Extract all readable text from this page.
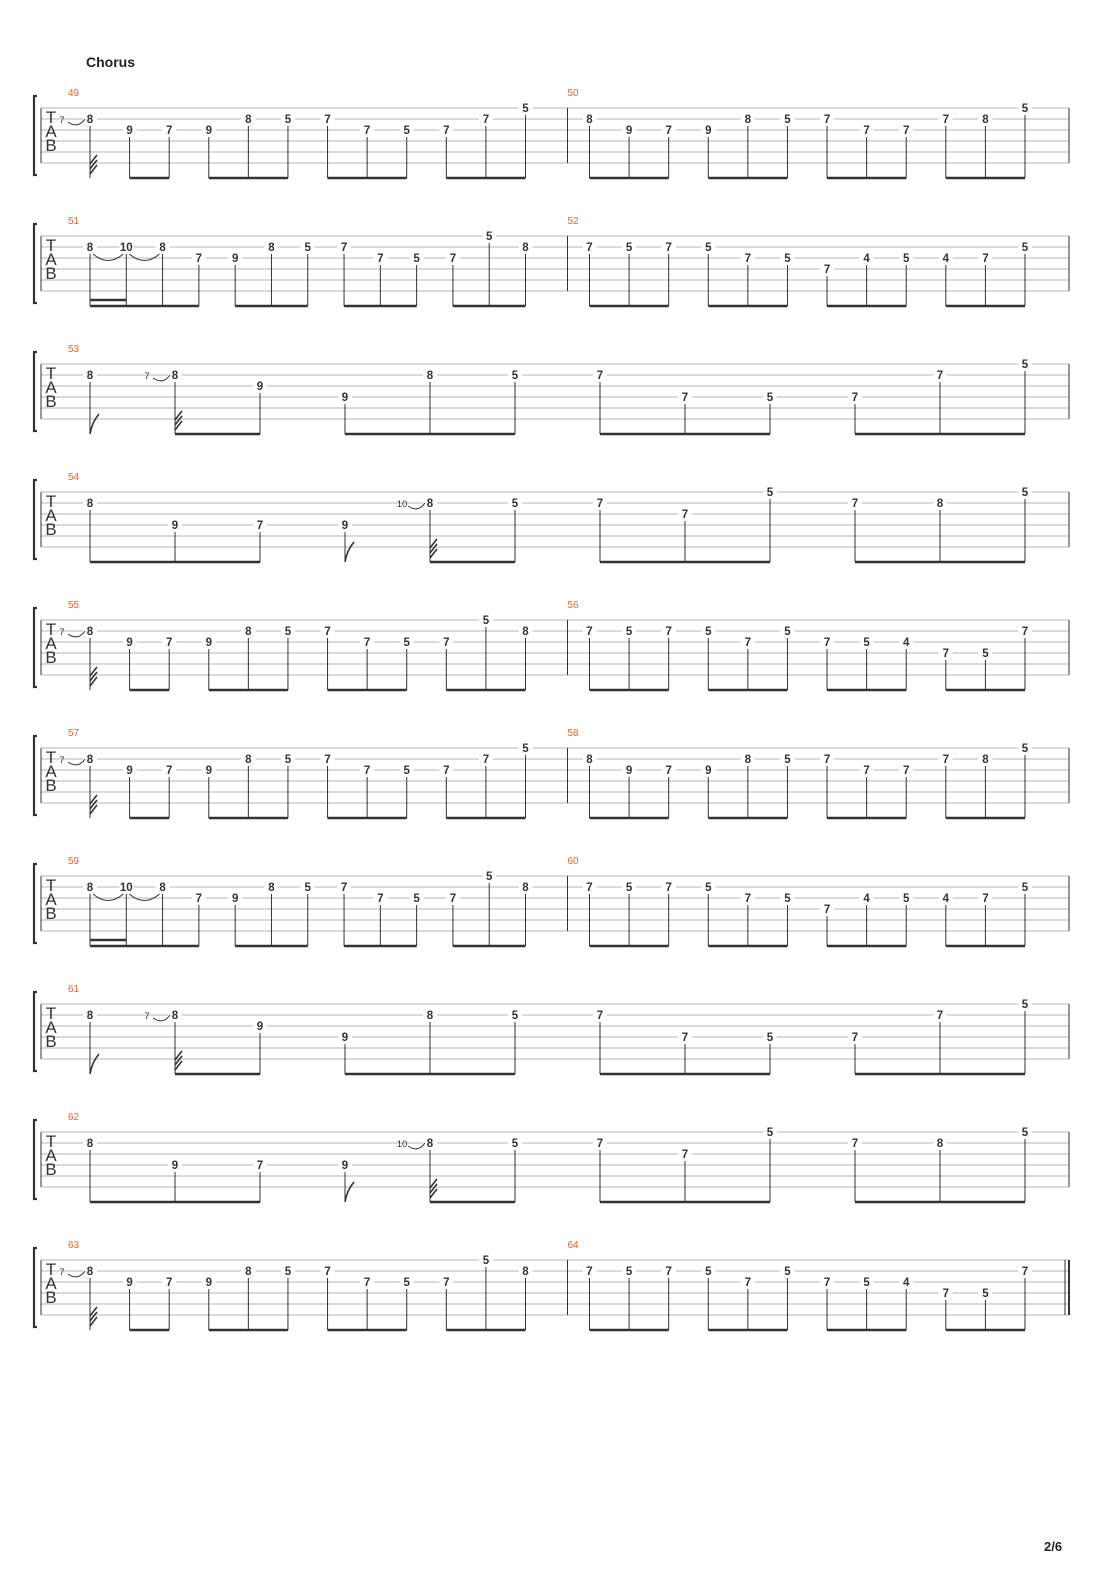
Chorus
T
A
B
49
8
7
9	7	9
8	5	7
7	5	7
7
5
50
8
9	7	9
8	5	7
7	7
7	8
5
T
A
B
51
8 10 8
7	9
8	5	7
7	5	7
5
8
52
7	5	7	5
7	5
7
4	5	4	7
5
T
A
B
53
8	8
7
9
9
8	5	7
7	5	7
7
5
T
A
B
54
8
9	7	9
8
10	5	7
7
5
7	8
5
T
A
B
55
8
7
9	7	9
8	5	7
7	5	7
5
8
56
7	5	7	5
7
5
7	5	4
7	5
7
T
A
B
57
8
7
9	7	9
8	5	7
7	5	7
7
5
58
8
9	7	9
8	5	7
7	7
7	8
5
T
A
B
59
8 10 8
7	9
8	5	7
7	5	7
5
8
60
7	5	7	5
7	5
7
4	5	4	7
5
T
A
B
61
8	8
7
9
9
8	5	7
7	5	7
7
5
T
A
B
62
8
9	7	9
8
10	5	7
7
5
7	8
5
T
A
B
63
8
7
9	7	9
8	5	7
7	5	7
5
8
64
7	5	7	5
7
5
7	5	4
7	5
7
2/6
